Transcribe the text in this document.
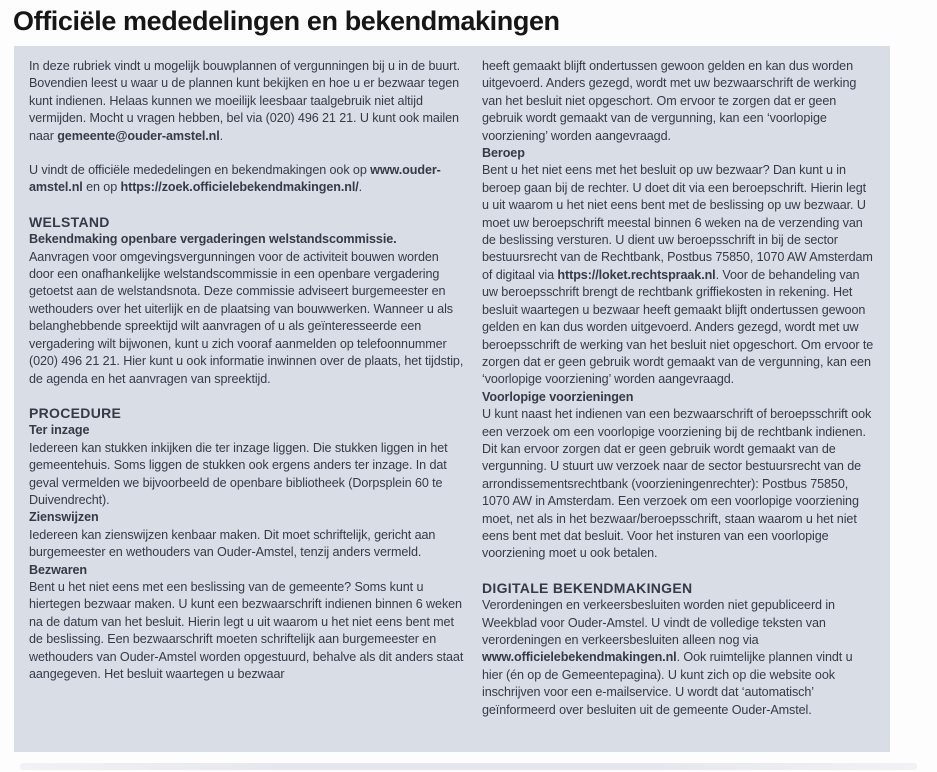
Officiële mededelingen en bekendmakingen

In deze rubriek vindt u mogelijk bouwplannen of vergunningen bij u in de buurt. Bovendien leest u waar u de plannen kunt bekijken en hoe u er bezwaar tegen kunt indienen. Helaas kunnen we moeilijk leesbaar taalgebruik niet altijd vermijden. Mocht u vragen hebben, bel via (020) 496 21 21. U kunt ook mailen naar gemeente@ouder-amstel.nl.

U vindt de officiële mededelingen en bekendmakingen ook op www.ouder-amstel.nl en op https://zoek.officielebekendmakingen.nl/.

WELSTAND
Bekendmaking openbare vergaderingen welstandscommissie.

Aanvragen voor omgevingsvergunningen voor de activiteit bouwen worden door een onafhankelijke welstandscommissie in een openbare vergadering getoetst aan de welstandsnota. Deze commissie adviseert burgemeester en wethouders over het uiterlijk en de plaatsing van bouwwerken. Wanneer u als belanghebbende spreektijd wilt aanvragen of u als geïnteresseerde een vergadering wilt bijwonen, kunt u zich vooraf aanmelden op telefoonnummer (020) 496 21 21. Hier kunt u ook informatie inwinnen over de plaats, het tijdstip, de agenda en het aanvragen van spreektijd.

PROCEDURE
Ter inzage

Iedereen kan stukken inkijken die ter inzage liggen. Die stukken liggen in het gemeentehuis. Soms liggen de stukken ook ergens anders ter inzage. In dat geval vermelden we bijvoorbeeld de openbare bibliotheek (Dorpsplein 60 te Duivendrecht).

Zienswijzen

Iedereen kan zienswijzen kenbaar maken. Dit moet schriftelijk, gericht aan burgemeester en wethouders van Ouder-Amstel, tenzij anders vermeld.

Bezwaren

Bent u het niet eens met een beslissing van de gemeente? Soms kunt u hiertegen bezwaar maken. U kunt een bezwaarschrift indienen binnen 6 weken na de datum van het besluit. Hierin legt u uit waarom u het niet eens bent met de beslissing. Een bezwaarschrift moeten schriftelijk aan burgemeester en wethouders van Ouder-Amstel worden opgestuurd, behalve als dit anders staat aangegeven. Het besluit waartegen u bezwaar

heeft gemaakt blijft ondertussen gewoon gelden en kan dus worden uitgevoerd. Anders gezegd, wordt met uw bezwaarschrift de werking van het besluit niet opgeschort. Om ervoor te zorgen dat er geen gebruik wordt gemaakt van de vergunning, kan een ‘voorlopige voorziening’ worden aangevraagd.

Beroep

Bent u het niet eens met het besluit op uw bezwaar? Dan kunt u in beroep gaan bij de rechter. U doet dit via een beroepschrift. Hierin legt u uit waarom u het niet eens bent met de beslissing op uw bezwaar. U moet uw beroepschrift meestal binnen 6 weken na de verzending van de beslissing versturen. U dient uw beroepsschrift in bij de sector bestuursrecht van de Rechtbank, Postbus 75850, 1070 AW Amsterdam of digitaal via https://loket.rechtspraak.nl. Voor de behandeling van uw beroepsschrift brengt de rechtbank griffiekosten in rekening. Het besluit waartegen u bezwaar heeft gemaakt blijft ondertussen gewoon gelden en kan dus worden uitgevoerd. Anders gezegd, wordt met uw beroepsschrift de werking van het besluit niet opgeschort. Om ervoor te zorgen dat er geen gebruik wordt gemaakt van de vergunning, kan een ‘voorlopige voorziening’ worden aangevraagd.

Voorlopige voorzieningen

U kunt naast het indienen van een bezwaarschrift of beroepsschrift ook een verzoek om een voorlopige voorziening bij de rechtbank indienen. Dit kan ervoor zorgen dat er geen gebruik wordt gemaakt van de vergunning. U stuurt uw verzoek naar de sector bestuursrecht van de arrondissementsrechtbank (voorzieningenrechter): Postbus 75850, 1070 AW in Amsterdam. Een verzoek om een voorlopige voorziening moet, net als in het bezwaar/beroepsschrift, staan waarom u het niet eens bent met dat besluit. Voor het insturen van een voorlopige voorziening moet u ook betalen.

DIGITALE BEKENDMAKINGEN

Verordeningen en verkeersbesluiten worden niet gepubliceerd in Weekblad voor Ouder-Amstel. U vindt de volledige teksten van verordeningen en verkeersbesluiten alleen nog via www.officielebekendmakingen.nl. Ook ruimtelijke plannen vindt u hier (én op de Gemeentepagina). U kunt zich op die website ook inschrijven voor een e-mailservice. U wordt dat ‘automatisch’ geïnformeerd over besluiten uit de gemeente Ouder-Amstel.
